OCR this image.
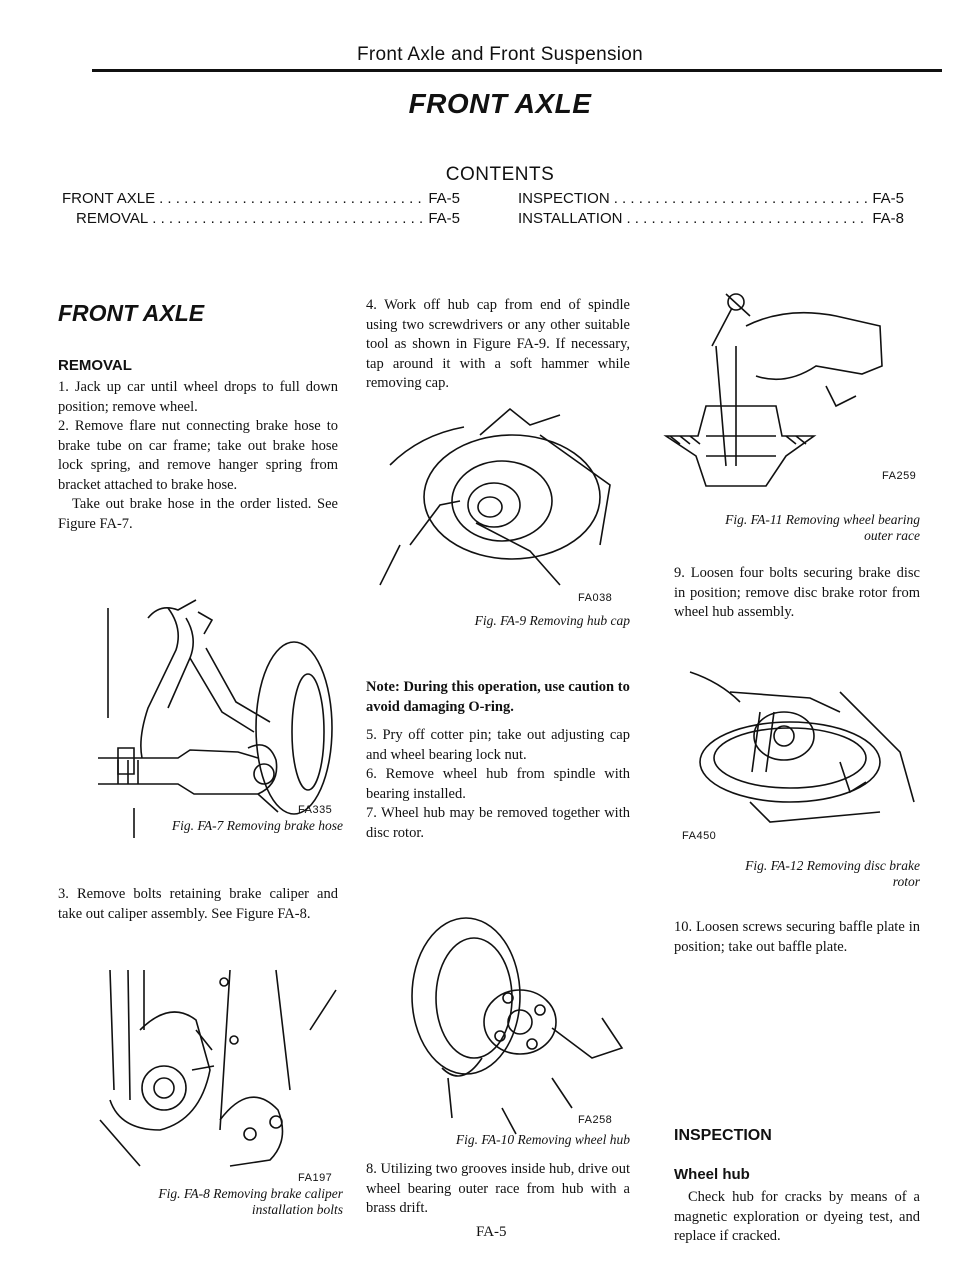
Front Axle and Front Suspension
FRONT AXLE
CONTENTS
FRONT AXLE . . .	FA-5
REMOVAL . . .	FA-5
INSPECTION . . .	FA-5
INSTALLATION . . .	FA-8
FRONT AXLE
REMOVAL
1. Jack up car until wheel drops to full down position; remove wheel.
2. Remove flare nut connecting brake hose to brake tube on car frame; take out brake hose lock spring, and remove hanger spring from bracket attached to brake hose.
Take out brake hose in the order listed. See Figure FA-7.
FA335
Fig. FA-7 Removing brake hose
3. Remove bolts retaining brake caliper and take out caliper assembly. See Figure FA-8.
FA197
Fig. FA-8 Removing brake caliper
installation bolts
4. Work off hub cap from end of spindle using two screwdrivers or any other suitable tool as shown in Figure FA-9. If necessary, tap around it with a soft hammer while removing cap.
FA038
Fig. FA-9 Removing hub cap
Note: During this operation, use caution to avoid damaging O-ring.
5. Pry off cotter pin; take out adjusting cap and wheel bearing lock nut.
6. Remove wheel hub from spindle with bearing installed.
7. Wheel hub may be removed together with disc rotor.
FA258
Fig. FA-10 Removing wheel hub
8. Utilizing two grooves inside hub, drive out wheel bearing outer race from hub with a brass drift.
FA-5
FA259
Fig. FA-11 Removing wheel bearing
outer race
9. Loosen four bolts securing brake disc in position; remove disc brake rotor from wheel hub assembly.
FA450
Fig. FA-12 Removing disc brake
rotor
10. Loosen screws securing baffle plate in position; take out baffle plate.
INSPECTION
Wheel hub
Check hub for cracks by means of a magnetic exploration or dyeing test, and replace if cracked.
